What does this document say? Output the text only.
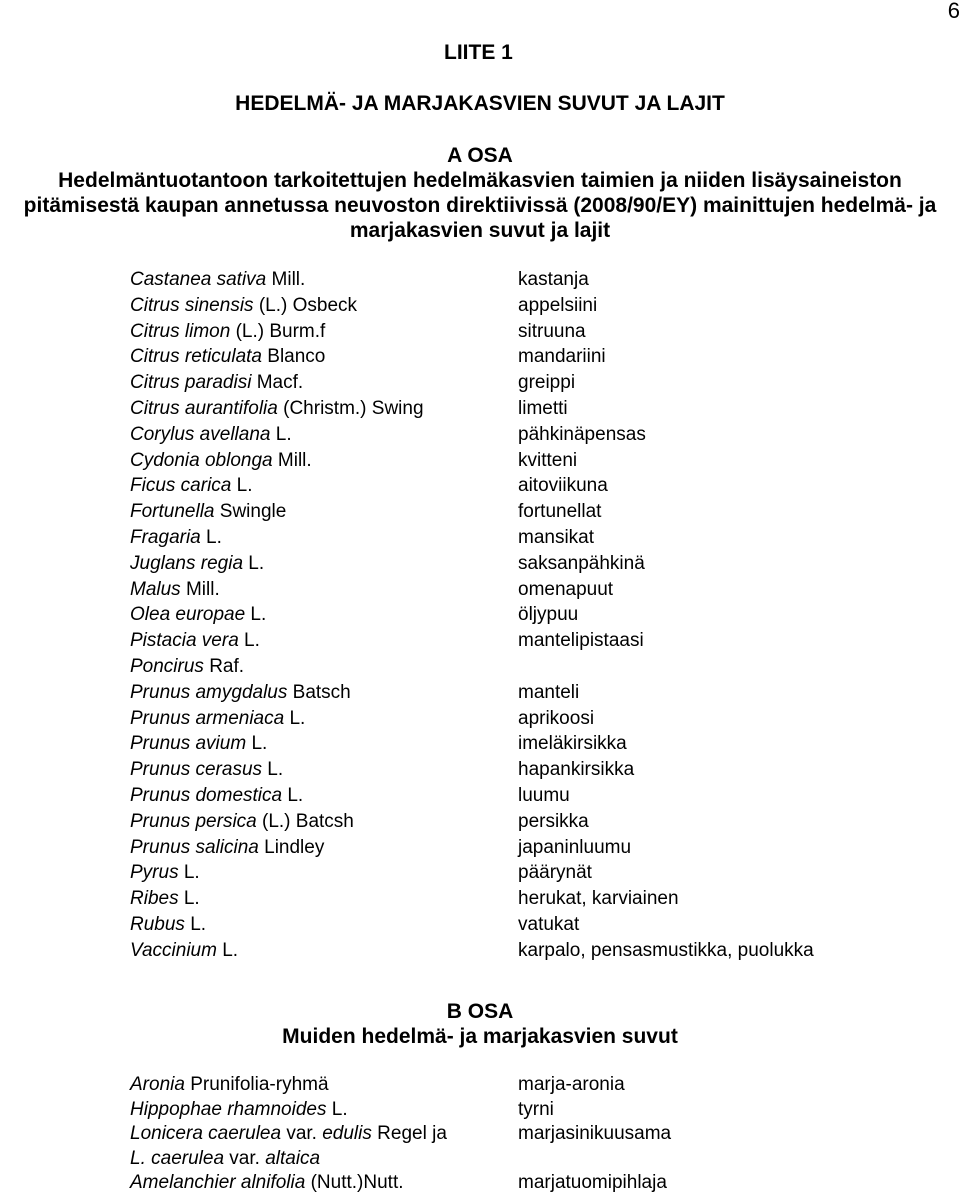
6
LIITE 1
HEDELMÄ- JA MARJAKASVIEN SUVUT JA LAJIT
A OSA
Hedelmäntuotantoon tarkoitettujen hedelmäkasvien taimien ja niiden lisäysaineiston
pitämisestä kaupan annetussa neuvoston direktiivissä (2008/90/EY) mainittujen hedelmä- ja
marjakasvien suvut ja lajit
Castanea sativa Mill.	kastanja
Citrus sinensis (L.) Osbeck	appelsiini
Citrus limon (L.) Burm.f	sitruuna
Citrus reticulata Blanco	mandariini
Citrus paradisi Macf.	greippi
Citrus aurantifolia (Christm.) Swing	limetti
Corylus avellana L.	pähkinäpensas
Cydonia oblonga Mill.	kvitteni
Ficus carica L.	aitoviikuna
Fortunella Swingle	fortunellat
Fragaria L.	mansikat
Juglans regia L.	saksanpähkinä
Malus Mill.	omenapuut
Olea europae L.	öljypuu
Pistacia vera L.	mantelipistaasi
Poncirus Raf.
Prunus amygdalus Batsch	manteli
Prunus armeniaca L.	aprikoosi
Prunus avium L.	imeläkirsikka
Prunus cerasus L.	hapankirsikka
Prunus domestica L.	luumu
Prunus persica (L.) Batcsh	persikka
Prunus salicina Lindley	japaninluumu
Pyrus L.	päärynät
Ribes L.	herukat, karviainen
Rubus L.	vatukat
Vaccinium L.	karpalo, pensasmustikka, puolukka
B OSA
Muiden hedelmä- ja marjakasvien suvut
Aronia Prunifolia-ryhmä	marja-aronia
Hippophae rhamnoides L.	tyrni
Lonicera caerulea var. edulis Regel ja	marjasinikuusama
L. caerulea var. altaica
Amelanchier alnifolia (Nutt.)Nutt.	marjatuomipihlaja
